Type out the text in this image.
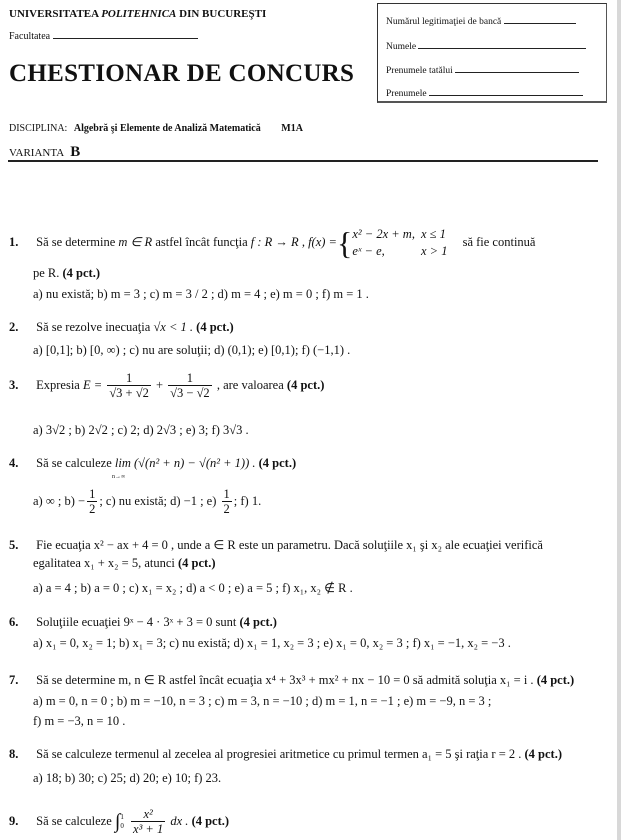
UNIVERSITATEA POLITEHNICA DIN BUCUREŞTI
Facultatea
CHESTIONAR DE CONCURS
Numărul legitimaţiei de bancă
Numele
Prenumele tatălui
Prenumele
DISCIPLINA: Algebră şi Elemente de Analiză Matematică M1A
VARIANTA B
1. Să se determine m ∈ R astfel încât funcţia f : R → R , f(x) ={ x² − 2x + m,	x ≤ 1
eˣ − e,	x > 1 să fie continuă
pe R. (4 pct.)
a) nu există; b) m = 3 ; c) m = 3 / 2 ; d) m = 4 ; e) m = 0 ; f) m = 1 .
2. Să se rezolve inecuaţia √x < 1 . (4 pct.)
a) [0,1]; b) [0, ∞) ; c) nu are soluţii; d) (0,1); e) [0,1); f) (−1,1) .
3. Expresia $E = \frac{1}{√3 + √2} + \frac{1}{√3 - √2}$ , are valoarea (4 pct.)
a) 3√2 ; b) 2√2 ; c) 2; d) 2√3 ; e) 3; f) 3√3 .
4. Să se calculeze lim (√(n² + n) − √(n² + 1)) . (4 pct.)
n→∞
a) ∞ ; $b) - \frac{1}{2}$ ; c) nu există; d) −1 ; $e) \frac{1}{2}$ ; f) 1.
5. Fie ecuaţia x² − ax + 4 = 0 , unde a ∈ R este un parametru. Dacă soluţiile x₁ şi x₂ ale ecuaţiei verifică
egalitatea x₁ + x₂ = 5, atunci (4 pct.)
a) a = 4 ; b) a = 0 ; c) x₁ = x₂ ; d) a < 0 ; e) a = 5 ; f) x₁, x₂ ∉ R .
6. Soluţiile ecuaţiei 9ˣ − 4 · 3ˣ + 3 = 0 sunt (4 pct.)
a) x₁ = 0, x₂ = 1; b) x₁ = 3; c) nu există; d) x₁ = 1, x₂ = 3 ; e) x₁ = 0, x₂ = 3 ; f) x₁ = −1, x₂ = −3 .
7. Să se determine m, n ∈ R astfel încât ecuaţia x⁴ + 3x³ + mx² + nx − 10 = 0 să admită soluţia x₁ = i . (4 pct.)
a) m = 0, n = 0 ; b) m = −10, n = 3 ; c) m = 3, n = −10 ; d) m = 1, n = −1 ; e) m = −9, n = 3 ;
f) m = −3, n = 10 .
8. Să se calculeze termenul al zecelea al progresiei aritmetice cu primul termen a₁ = 5 şi raţia r = 2 . (4 pct.)
a) 18; b) 30; c) 25; d) 20; e) 10; f) 23.
9. Să se calculeze ∫ 1
0
$\frac{\text{x²}}{\text{x³ + 1}}$ dx . (4 pct.)
